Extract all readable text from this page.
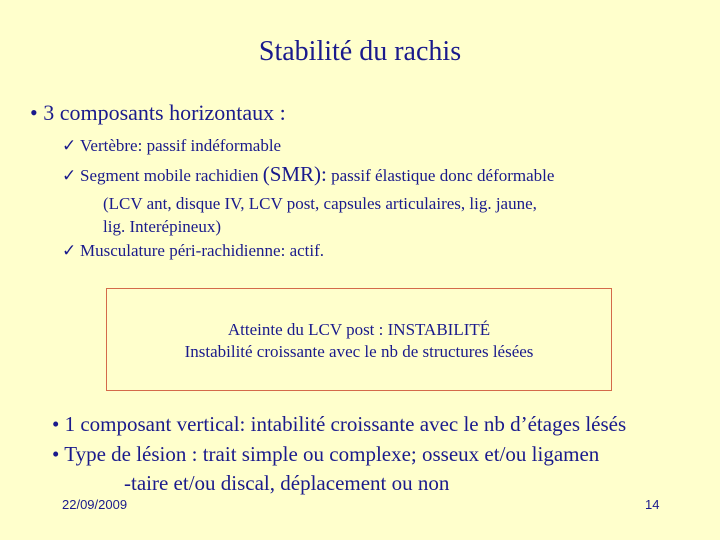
Stabilité du rachis
• 3 composants horizontaux :
✓ Vertèbre: passif indéformable
✓ Segment mobile rachidien (SMR): passif élastique donc déformable
(LCV ant, disque IV, LCV post, capsules articulaires, lig. jaune,
lig. Interépineux)
✓ Musculature péri-rachidienne: actif.
Atteinte du LCV post : INSTABILITÉ
Instabilité croissante avec le nb de structures lésées
• 1 composant vertical: intabilité croissante avec le nb d’étages lésés
• Type de lésion : trait simple ou complexe; osseux et/ou ligamen
-taire et/ou discal, déplacement ou non
22/09/2009	14
